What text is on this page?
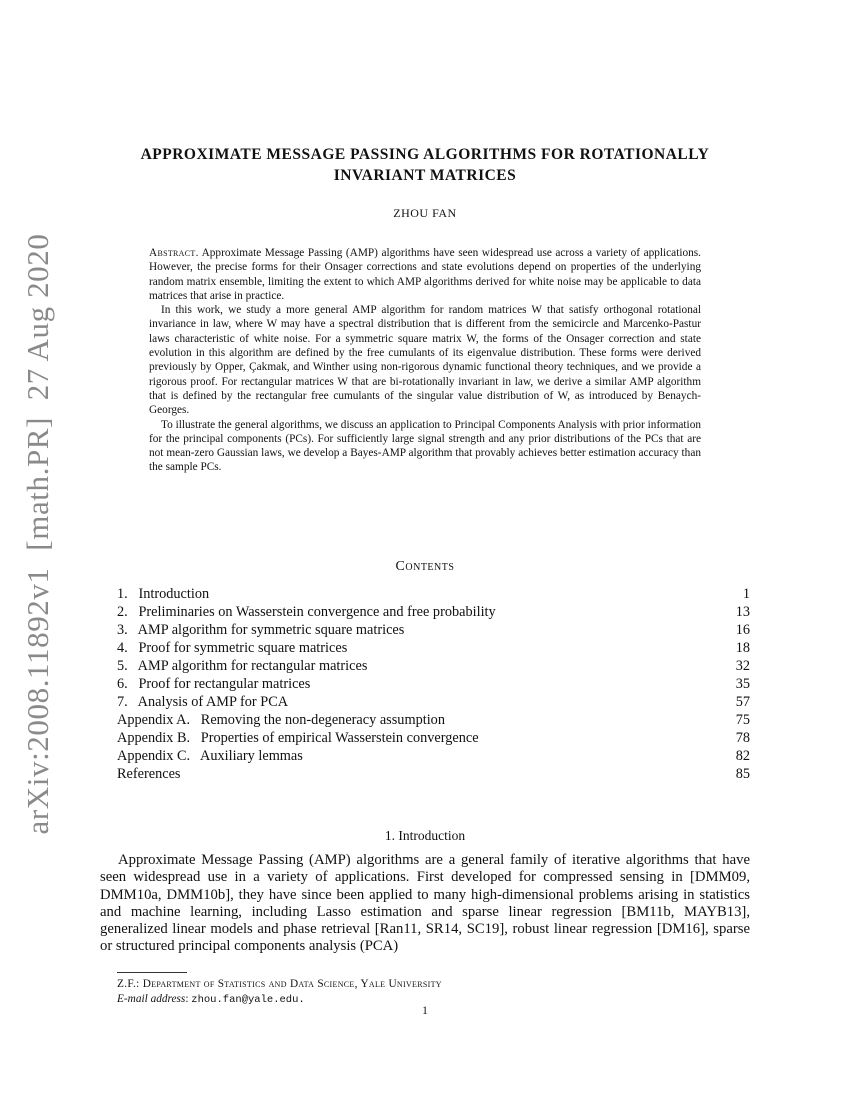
arXiv:2008.11892v1  [math.PR]  27 Aug 2020
APPROXIMATE MESSAGE PASSING ALGORITHMS FOR ROTATIONALLY INVARIANT MATRICES
ZHOU FAN

Abstract. Approximate Message Passing (AMP) algorithms have seen widespread use across a variety of applications. However, the precise forms for their Onsager corrections and state evolutions depend on properties of the underlying random matrix ensemble, limiting the extent to which AMP algorithms derived for white noise may be applicable to data matrices that arise in practice.

In this work, we study a more general AMP algorithm for random matrices W that satisfy orthogonal rotational invariance in law, where W may have a spectral distribution that is different from the semicircle and Marcenko-Pastur laws characteristic of white noise. For a symmetric square matrix W, the forms of the Onsager correction and state evolution in this algorithm are defined by the free cumulants of its eigenvalue distribution. These forms were derived previously by Opper, Çakmak, and Winther using non-rigorous dynamic functional theory techniques, and we provide a rigorous proof. For rectangular matrices W that are bi-rotationally invariant in law, we derive a similar AMP algorithm that is defined by the rectangular free cumulants of the singular value distribution of W, as introduced by Benaych-Georges.

To illustrate the general algorithms, we discuss an application to Principal Components Analysis with prior information for the principal components (PCs). For sufficiently large signal strength and any prior distributions of the PCs that are not mean-zero Gaussian laws, we develop a Bayes-AMP algorithm that provably achieves better estimation accuracy than the sample PCs.

Contents
1.   Introduction	1
2.   Preliminaries on Wasserstein convergence and free probability	13
3.   AMP algorithm for symmetric square matrices	16
4.   Proof for symmetric square matrices	18
5.   AMP algorithm for rectangular matrices	32
6.   Proof for rectangular matrices	35
7.   Analysis of AMP for PCA	57
Appendix A.   Removing the non-degeneracy assumption	75
Appendix B.   Properties of empirical Wasserstein convergence	78
Appendix C.   Auxiliary lemmas	82
References	85
1. Introduction

Approximate Message Passing (AMP) algorithms are a general family of iterative algorithms that have seen widespread use in a variety of applications. First developed for compressed sensing in [DMM09, DMM10a, DMM10b], they have since been applied to many high-dimensional problems arising in statistics and machine learning, including Lasso estimation and sparse linear regression [BM11b, MAYB13], generalized linear models and phase retrieval [Ran11, SR14, SC19], robust linear regression [DM16], sparse or structured principal components analysis (PCA)

Z.F.: Department of Statistics and Data Science, Yale University
E-mail address: zhou.fan@yale.edu.
1
